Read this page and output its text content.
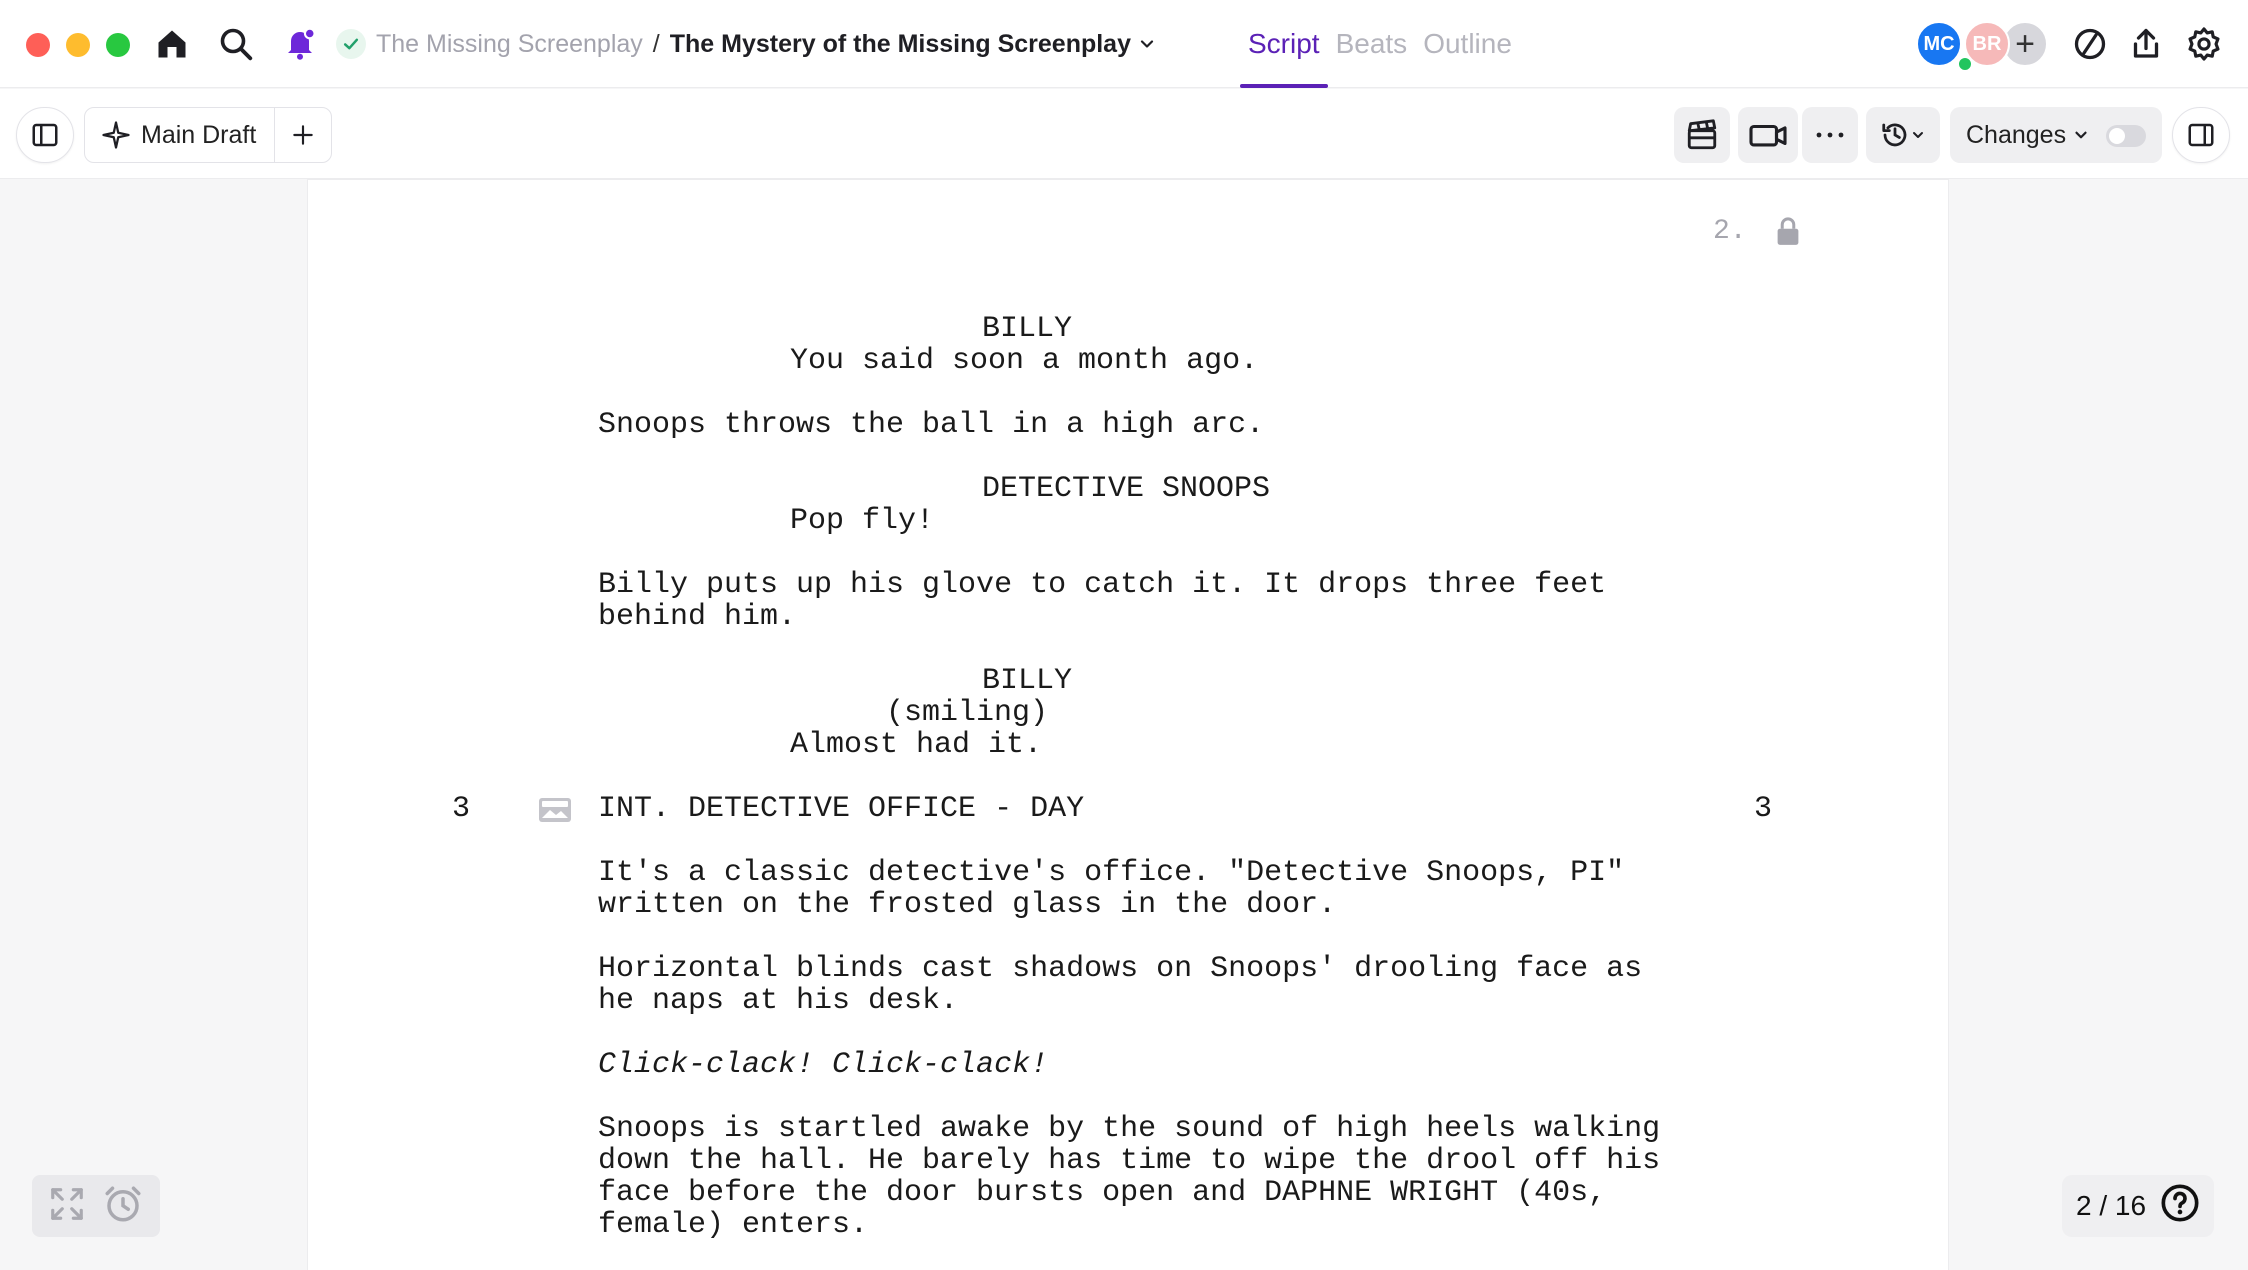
The Missing Screenplay / The Mystery of the Missing Screenplay	Script Beats Outline	MC BR +
Main Draft	Changes
2.
BILLY
You said soon a month ago.
Snoops throws the ball in a high arc.
DETECTIVE SNOOPS
Pop fly!
Billy puts up his glove to catch it. It drops three feet
behind him.
BILLY
(smiling)
Almost had it.
3	INT. DETECTIVE OFFICE - DAY	3
It's a classic detective's office. "Detective Snoops, PI"
written on the frosted glass in the door.
Horizontal blinds cast shadows on Snoops' drooling face as
he naps at his desk.
Click-clack! Click-clack!
Snoops is startled awake by the sound of high heels walking
down the hall. He barely has time to wipe the drool off his
face before the door bursts open and DAPHNE WRIGHT (40s,
female) enters.
2 / 16
